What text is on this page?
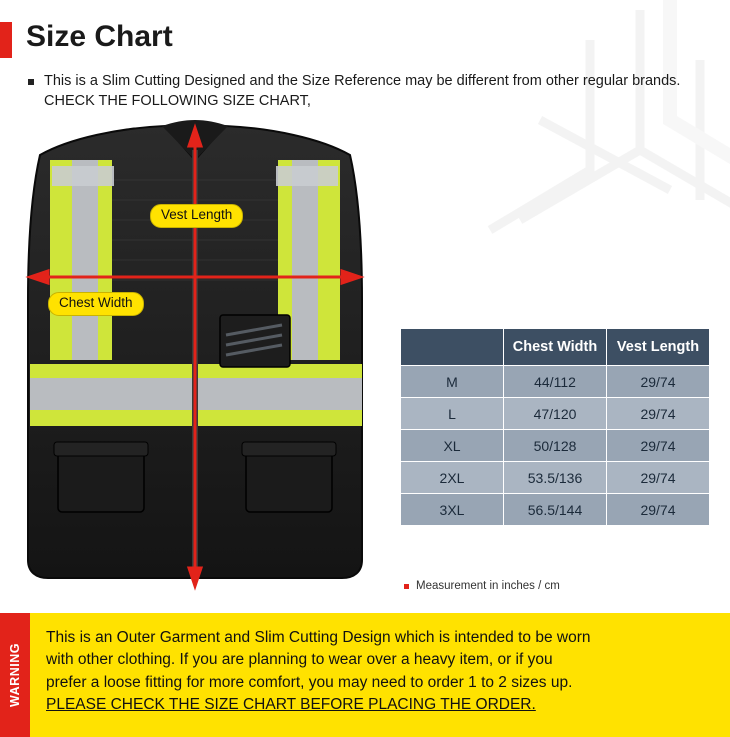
Size Chart
This is a Slim Cutting Designed and the Size Reference may be different from other regular brands. CHECK THE FOLLOWING SIZE CHART,
Vest Length
Chest Width
	Chest Width	Vest Length
M	44/112	29/74
L	47/120	29/74
XL	50/128	29/74
2XL	53.5/136	29/74
3XL	56.5/144	29/74
Measurement in inches / cm
WARNING
This is an Outer Garment and Slim Cutting Design which is intended to be worn
with other clothing. If you are planning to wear over a heavy item, or if you
prefer a loose fitting for more comfort, you may need to order 1 to 2 sizes up.
PLEASE CHECK THE SIZE CHART BEFORE PLACING THE ORDER.
